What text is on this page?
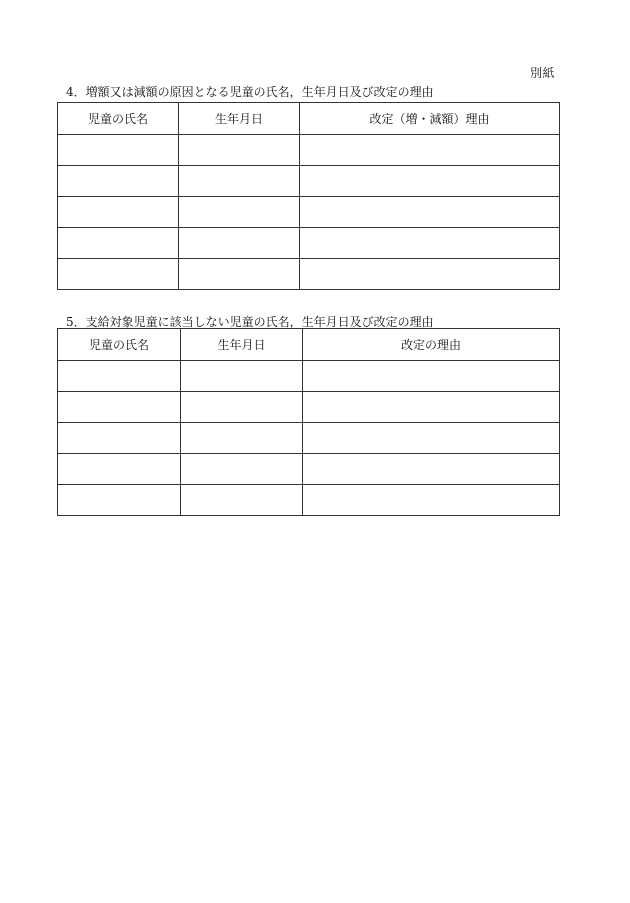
別紙
4．増額又は減額の原因となる児童の氏名，生年月日及び改定の理由
児童の氏名	生年月日	改定（増・減額）理由

5．支給対象児童に該当しない児童の氏名，生年月日及び改定の理由
児童の氏名	生年月日	改定の理由
